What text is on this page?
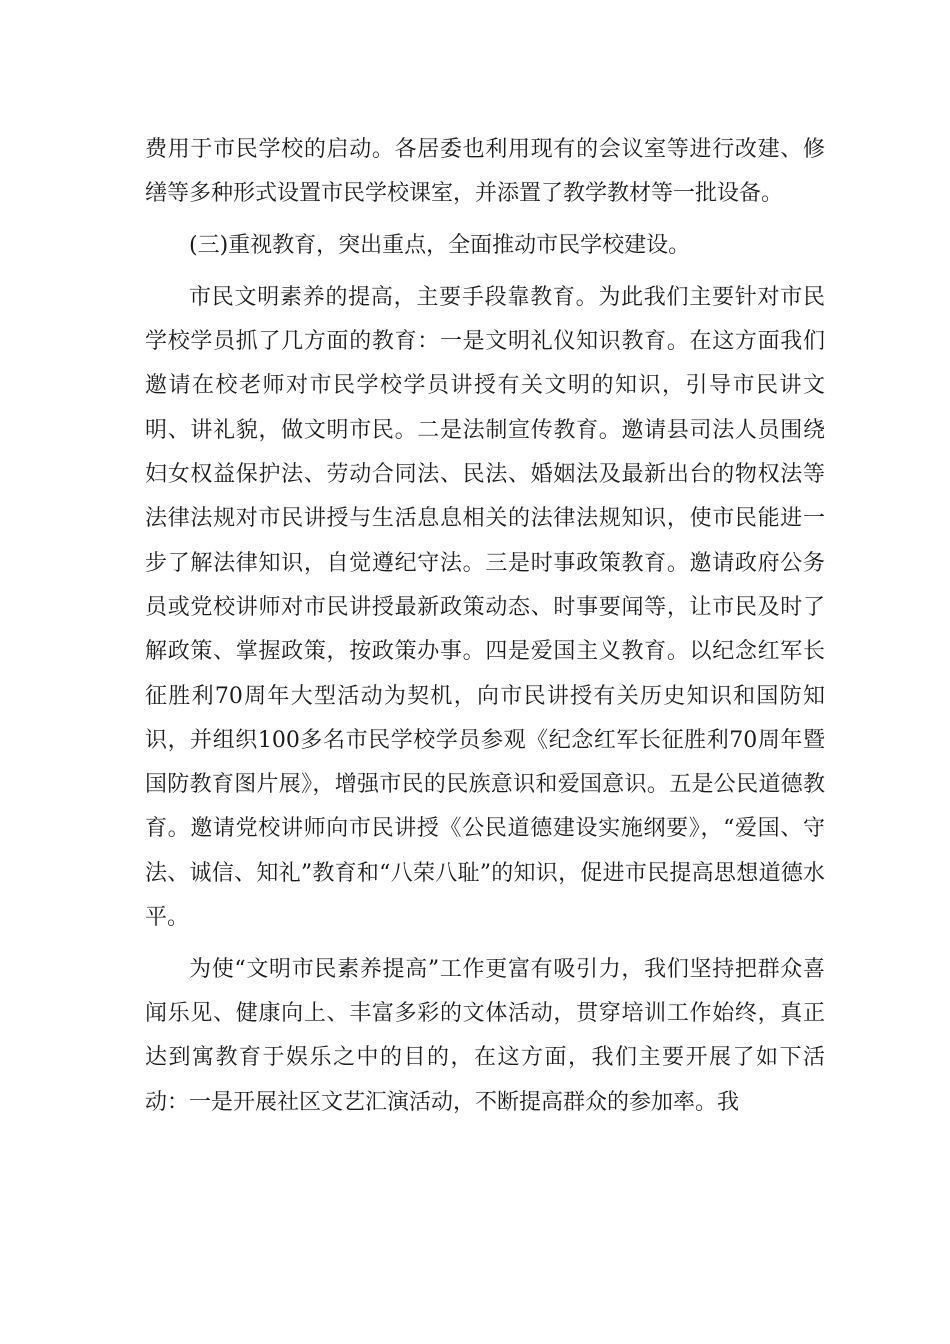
费用于市民学校的启动。各居委也利用现有的会议室等进行改建、修缮等多种形式设置市民学校课室，并添置了教学教材等一批设备。

(三)重视教育，突出重点，全面推动市民学校建设。

市民文明素养的提高，主要手段靠教育。为此我们主要针对市民学校学员抓了几方面的教育：一是文明礼仪知识教育。在这方面我们邀请在校老师对市民学校学员讲授有关文明的知识，引导市民讲文明、讲礼貌，做文明市民。二是法制宣传教育。邀请县司法人员围绕妇女权益保护法、劳动合同法、民法、婚姻法及最新出台的物权法等法律法规对市民讲授与生活息息相关的法律法规知识，使市民能进一步了解法律知识，自觉遵纪守法。三是时事政策教育。邀请政府公务员或党校讲师对市民讲授最新政策动态、时事要闻等，让市民及时了解政策、掌握政策，按政策办事。四是爱国主义教育。以纪念红军长征胜利70周年大型活动为契机，向市民讲授有关历史知识和国防知识，并组织100多名市民学校学员参观《纪念红军长征胜利70周年暨国防教育图片展》，增强市民的民族意识和爱国意识。五是公民道德教育。邀请党校讲师向市民讲授《公民道德建设实施纲要》，“爱国、守法、诚信、知礼”教育和“八荣八耻”的知识，促进市民提高思想道德水平。

为使“文明市民素养提高”工作更富有吸引力，我们坚持把群众喜闻乐见、健康向上、丰富多彩的文体活动，贯穿培训工作始终，真正达到寓教育于娱乐之中的目的，在这方面，我们主要开展了如下活动：一是开展社区文艺汇演活动，不断提高群众的参加率。我
